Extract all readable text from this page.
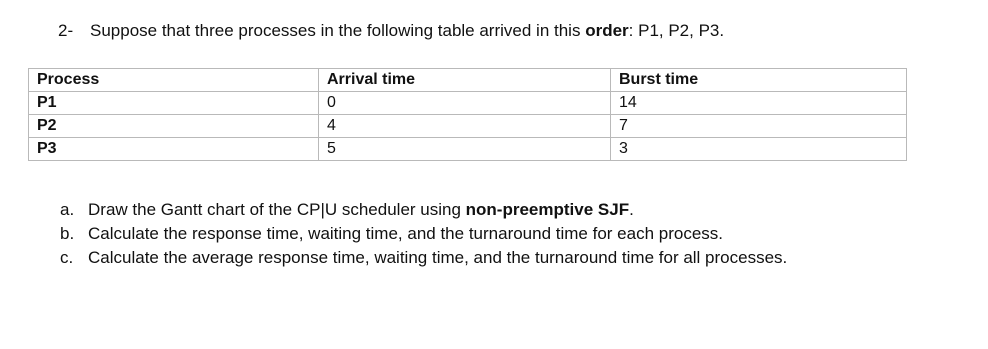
2- Suppose that three processes in the following table arrived in this order: P1, P2, P3.
Process	Arrival time	Burst time
P1	0	14
P2	4	7
P3	5	3
a. Draw the Gantt chart of the CP|U scheduler using non-preemptive SJF.
b. Calculate the response time, waiting time, and the turnaround time for each process.
c. Calculate the average response time, waiting time, and the turnaround time for all processes.
